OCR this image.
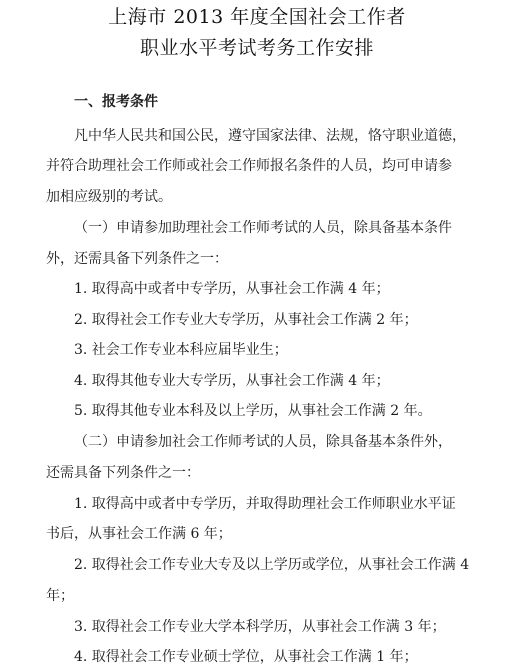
上海市 2013 年度全国社会工作者
职业水平考试考务工作安排
一、报考条件
凡中华人民共和国公民，遵守国家法律、法规，恪守职业道德，
并符合助理社会工作师或社会工作师报名条件的人员，均可申请参
加相应级别的考试。
（一）申请参加助理社会工作师考试的人员，除具备基本条件
外，还需具备下列条件之一：
1. 取得高中或者中专学历，从事社会工作满 4 年；
2. 取得社会工作专业大专学历，从事社会工作满 2 年；
3. 社会工作专业本科应届毕业生；
4. 取得其他专业大专学历，从事社会工作满 4 年；
5. 取得其他专业本科及以上学历，从事社会工作满 2 年。
（二）申请参加社会工作师考试的人员，除具备基本条件外，
还需具备下列条件之一：
1. 取得高中或者中专学历，并取得助理社会工作师职业水平证
书后，从事社会工作满 6 年；
2. 取得社会工作专业大专及以上学历或学位，从事社会工作满 4
年；
3. 取得社会工作专业大学本科学历，从事社会工作满 3 年；
4. 取得社会工作专业硕士学位，从事社会工作满 1 年；
